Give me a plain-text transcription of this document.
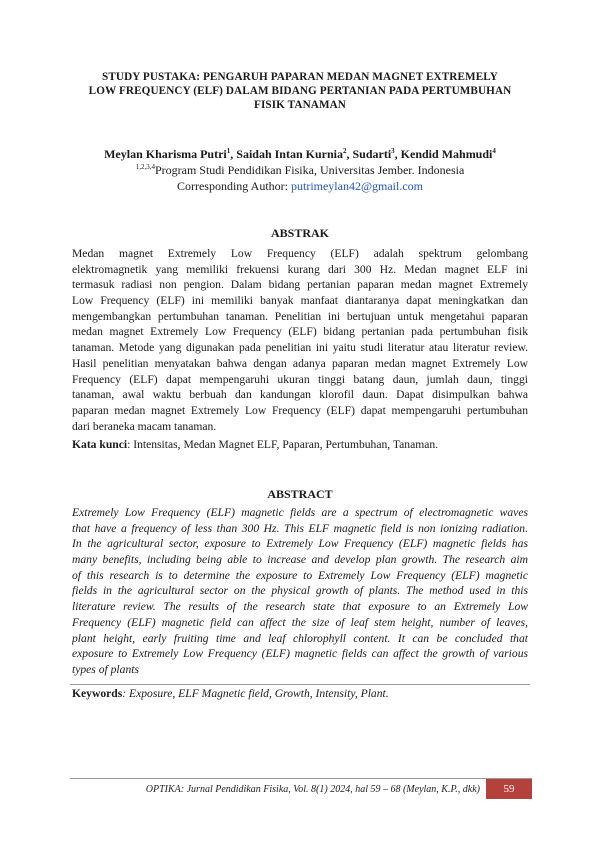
STUDY PUSTAKA: PENGARUH PAPARAN MEDAN MAGNET EXTREMELY
LOW FREQUENCY (ELF) DALAM BIDANG PERTANIAN PADA PERTUMBUHAN
FISIK TANAMAN
Meylan Kharisma Putri$^1$, Saidah Intan Kurnia$^2$, Sudarti$^3$, Kendid Mahmudi$^4$
$^{1,2,3,4}$Program Studi Pendidikan Fisika, Universitas Jember. Indonesia
Corresponding Author: putrimeylan42@gmail.com
ABSTRAK
Medan magnet Extremely Low Frequency (ELF) adalah spektrum gelombang
elektromagnetik yang memiliki frekuensi kurang dari 300 Hz. Medan magnet ELF ini
termasuk radiasi non pengion. Dalam bidang pertanian paparan medan magnet Extremely
Low Frequency (ELF) ini memiliki banyak manfaat diantaranya dapat meningkatkan dan
mengembangkan pertumbuhan tanaman. Penelitian ini bertujuan untuk mengetahui paparan
medan magnet Extremely Low Frequency (ELF) bidang pertanian pada pertumbuhan fisik
tanaman. Metode yang digunakan pada penelitian ini yaitu studi literatur atau literatur review.
Hasil penelitian menyatakan bahwa dengan adanya paparan medan magnet Extremely Low
Frequency (ELF) dapat mempengaruhi ukuran tinggi batang daun, jumlah daun, tinggi
tanaman, awal waktu berbuah dan kandungan klorofil daun. Dapat disimpulkan bahwa
paparan medan magnet Extremely Low Frequency (ELF) dapat mempengaruhi pertumbuhan
dari beraneka macam tanaman.
Kata kunci: Intensitas, Medan Magnet ELF, Paparan, Pertumbuhan, Tanaman.
ABSTRACT
Extremely Low Frequency (ELF) magnetic fields are a spectrum of electromagnetic waves
that have a frequency of less than 300 Hz. This ELF magnetic field is non ionizing radiation.
In the agricultural sector, exposure to Extremely Low Frequency (ELF) magnetic fields has
many benefits, including being able to increase and develop plan growth. The research aim
of this research is to determine the exposure to Extremely Low Frequency (ELF) magnetic
fields in the agricultural sector on the physical growth of plants. The method used in this
literature review. The results of the research state that exposure to an Extremely Low
Frequency (ELF) magnetic field can affect the size of leaf stem height, number of leaves,
plant height, early fruiting time and leaf chlorophyll content. It can be concluded that
exposure to Extremely Low Frequency (ELF) magnetic fields can affect the growth of various
types of plants
Keywords: Exposure, ELF Magnetic field, Growth, Intensity, Plant.
OPTIKA: Jurnal Pendidikan Fisika, Vol. 8(1) 2024, hal 59 – 68 (Meylan, K.P., dkk)	59
